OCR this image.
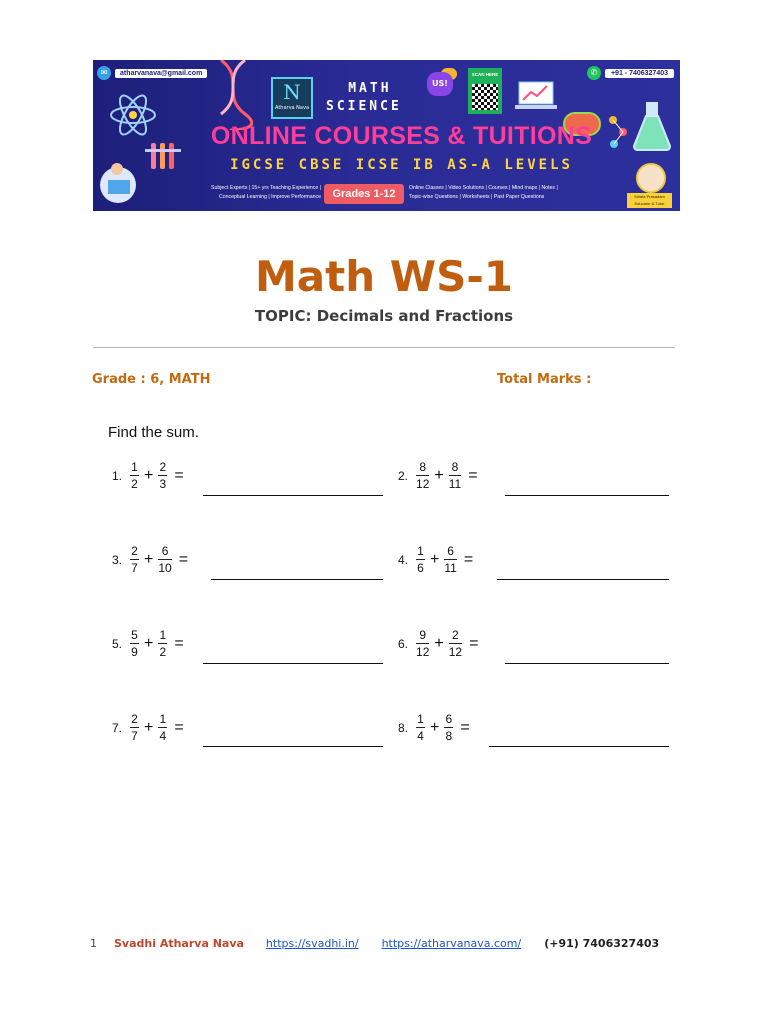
✉	atharvanava@gmail.com	✆	+91 - 7406327403
N
Atharva Nava
MATH
SCIENCE
US!
SCAN HERE
ONLINE COURSES & TUITIONS
IGCSE CBSE ICSE IB AS-A LEVELS
Subject Experts | 15+ yrs Teaching Experience |
Conceptual Learning | Improve Performance	Grades 1-12	Online Classes | Video Solutions | Courses | Mind maps | Notes |
Topic-wise Questions | Worksheets | Past Paper Questions	Srilata Prasadam
Educator & Tutor
Math WS-1
TOPIC: Decimals and Fractions
Grade : 6, MATH	Total Marks :
Find the sum.
1. $\frac{1}{2} + \frac{2}{3}$ =	2. $\frac{8}{12} + \frac{8}{11}$ =
3. $\frac{2}{7} + \frac{6}{10}$ =	4. $\frac{1}{6} + \frac{6}{11}$ =
5. $\frac{5}{9} + \frac{1}{2}$ =	6. $\frac{9}{12} + \frac{2}{12}$ =
7. $\frac{2}{7} + \frac{1}{4}$ =	8. $\frac{1}{4} + \frac{6}{8}$ =
1 Svadhi Atharva Nava https://svadhi.in/ https://atharvanava.com/ (+91) 7406327403
